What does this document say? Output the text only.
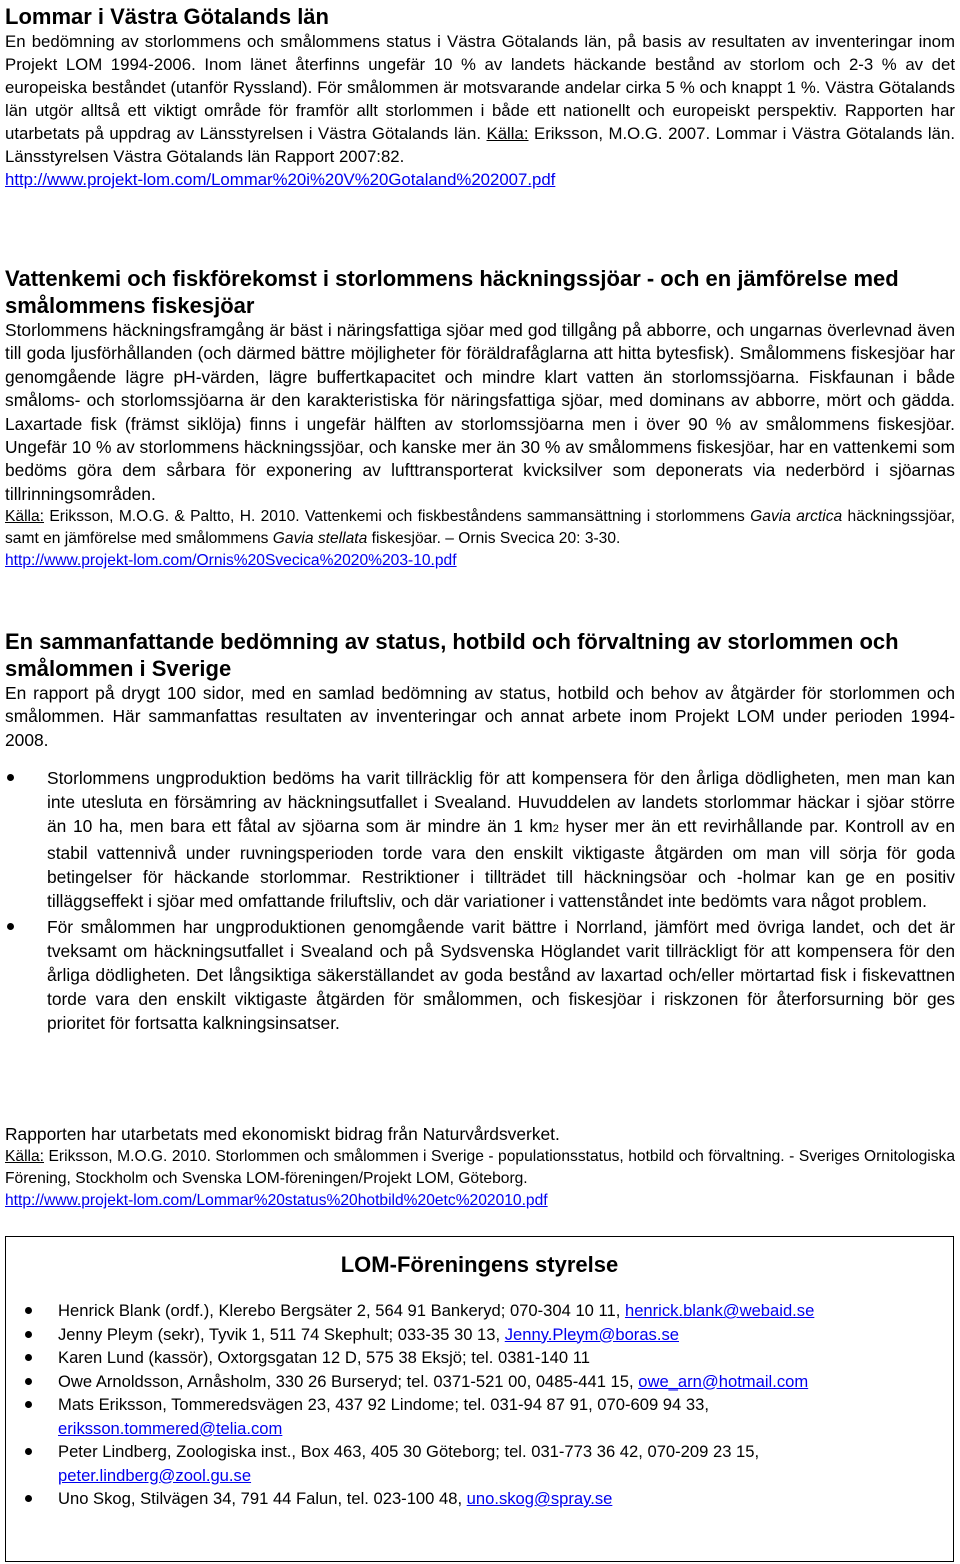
Lommar i Västra Götalands län

En bedömning av storlommens och smålommens status i Västra Götalands län, på basis av resultaten av inventeringar inom Projekt LOM 1994-2006. Inom länet återfinns ungefär 10 % av landets häckande bestånd av storlom och 2-3 % av det europeiska beståndet (utanför Ryssland). För smålommen är motsvarande andelar cirka 5 % och knappt 1 %. Västra Götalands län utgör alltså ett viktigt område för framför allt storlommen i både ett nationellt och europeiskt perspektiv. Rapporten har utarbetats på uppdrag av Länsstyrelsen i Västra Götalands län. Källa: Eriksson, M.O.G. 2007. Lommar i Västra Götalands län. Länsstyrelsen Västra Götalands län Rapport 2007:82.
http://www.projekt-lom.com/Lommar%20i%20V%20Gotaland%202007.pdf

Vattenkemi och fiskförekomst i storlommens häckningssjöar - och en jämförelse med smålommens fiskesjöar

Storlommens häckningsframgång är bäst i näringsfattiga sjöar med god tillgång på abborre, och ungarnas överlevnad även till goda ljusförhållanden (och därmed bättre möjligheter för föräldrafåglarna att hitta bytesfisk). Smålommens fiskesjöar har genomgående lägre pH-värden, lägre buffertkapacitet och mindre klart vatten än storlomssjöarna. Fiskfaunan i både småloms- och storlomssjöarna är den karakteristiska för näringsfattiga sjöar, med dominans av abborre, mört och gädda. Laxartade fisk (främst siklöja) finns i ungefär hälften av storlomssjöarna men i över 90 % av smålommens fiskesjöar. Ungefär 10 % av storlommens häckningssjöar, och kanske mer än 30 % av smålommens fiskesjöar, har en vattenkemi som bedöms göra dem sårbara för exponering av lufttransporterat kvicksilver som deponerats via nederbörd i sjöarnas tillrinningsområden.

Källa: Eriksson, M.O.G. & Paltto, H. 2010. Vattenkemi och fiskbeståndens sammansättning i storlommens Gavia arctica häckningssjöar, samt en jämförelse med smålommens Gavia stellata fiskesjöar. – Ornis Svecica 20: 3-30.
http://www.projekt-lom.com/Ornis%20Svecica%2020%203-10.pdf

En sammanfattande bedömning av status, hotbild och förvaltning av storlommen och smålommen i Sverige

En rapport på drygt 100 sidor, med en samlad bedömning av status, hotbild och behov av åtgärder för storlommen och smålommen. Här sammanfattas resultaten av inventeringar och annat arbete inom Projekt LOM under perioden 1994-2008.

Storlommens ungproduktion bedöms ha varit tillräcklig för att kompensera för den årliga dödligheten, men man kan inte utesluta en försämring av häckningsutfallet i Svealand. Huvuddelen av landets storlommar häckar i sjöar större än 10 ha, men bara ett fåtal av sjöarna som är mindre än 1 km2 hyser mer än ett revirhållande par. Kontroll av en stabil vattennivå under ruvningsperioden torde vara den enskilt viktigaste åtgärden om man vill sörja för goda betingelser för häckande storlommar. Restriktioner i tillträdet till häckningsöar och -holmar kan ge en positiv tilläggseffekt i sjöar med omfattande friluftsliv, och där variationer i vattenståndet inte bedömts vara något problem.
För smålommen har ungproduktionen genomgående varit bättre i Norrland, jämfört med övriga landet, och det är tveksamt om häckningsutfallet i Svealand och på Sydsvenska Höglandet varit tillräckligt för att kompensera för den årliga dödligheten. Det långsiktiga säkerställandet av goda bestånd av laxartad och/eller mörtartad fisk i fiskevattnen torde vara den enskilt viktigaste åtgärden för smålommen, och fiskesjöar i riskzonen för återforsurning bör ges prioritet för fortsatta kalkningsinsatser.

Rapporten har utarbetats med ekonomiskt bidrag från Naturvårdsverket.

Källa: Eriksson, M.O.G. 2010. Storlommen och smålommen i Sverige - populationsstatus, hotbild och förvaltning. - Sveriges Ornitologiska Förening, Stockholm och Svenska LOM-föreningen/Projekt LOM, Göteborg.
http://www.projekt-lom.com/Lommar%20status%20hotbild%20etc%202010.pdf

LOM-Föreningens styrelse
Henrick Blank (ordf.), Klerebo Bergsäter 2, 564 91 Bankeryd; 070-304 10 11, henrick.blank@webaid.se
Jenny Pleym (sekr), Tyvik 1, 511 74 Skephult; 033-35 30 13, Jenny.Pleym@boras.se
Karen Lund (kassör), Oxtorgsgatan 12 D, 575 38 Eksjö; tel. 0381-140 11
Owe Arnoldsson, Arnåsholm, 330 26 Burseryd; tel. 0371-521 00, 0485-441 15, owe_arn@hotmail.com
Mats Eriksson, Tommeredsvägen 23, 437 92 Lindome; tel. 031-94 87 91, 070-609 94 33, eriksson.tommered@telia.com
Peter Lindberg, Zoologiska inst., Box 463, 405 30 Göteborg; tel. 031-773 36 42, 070-209 23 15, peter.lindberg@zool.gu.se
Uno Skog, Stilvägen 34, 791 44 Falun, tel. 023-100 48, uno.skog@spray.se
